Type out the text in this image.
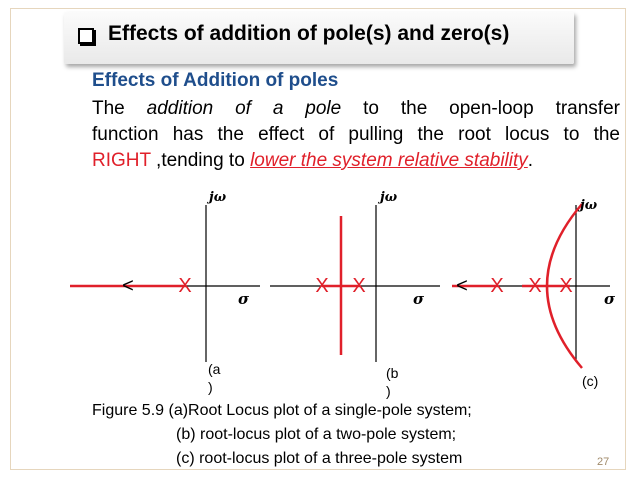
Effects of addition of pole(s) and zero(s)
Effects of Addition of poles
The addition of a pole to the open-loop transfer
function has the effect of pulling the root locus to the
RIGHT ,tending to lower the system relative stability.
X	X X	X X X
<	<
jω	jω
jω
σ	σ	σ
(a
)
(b
)
(c)
Figure 5.9 (a)Root Locus plot of a single-pole system;
(b) root-locus plot of a two-pole system;
(c) root-locus plot of a three-pole system	27
